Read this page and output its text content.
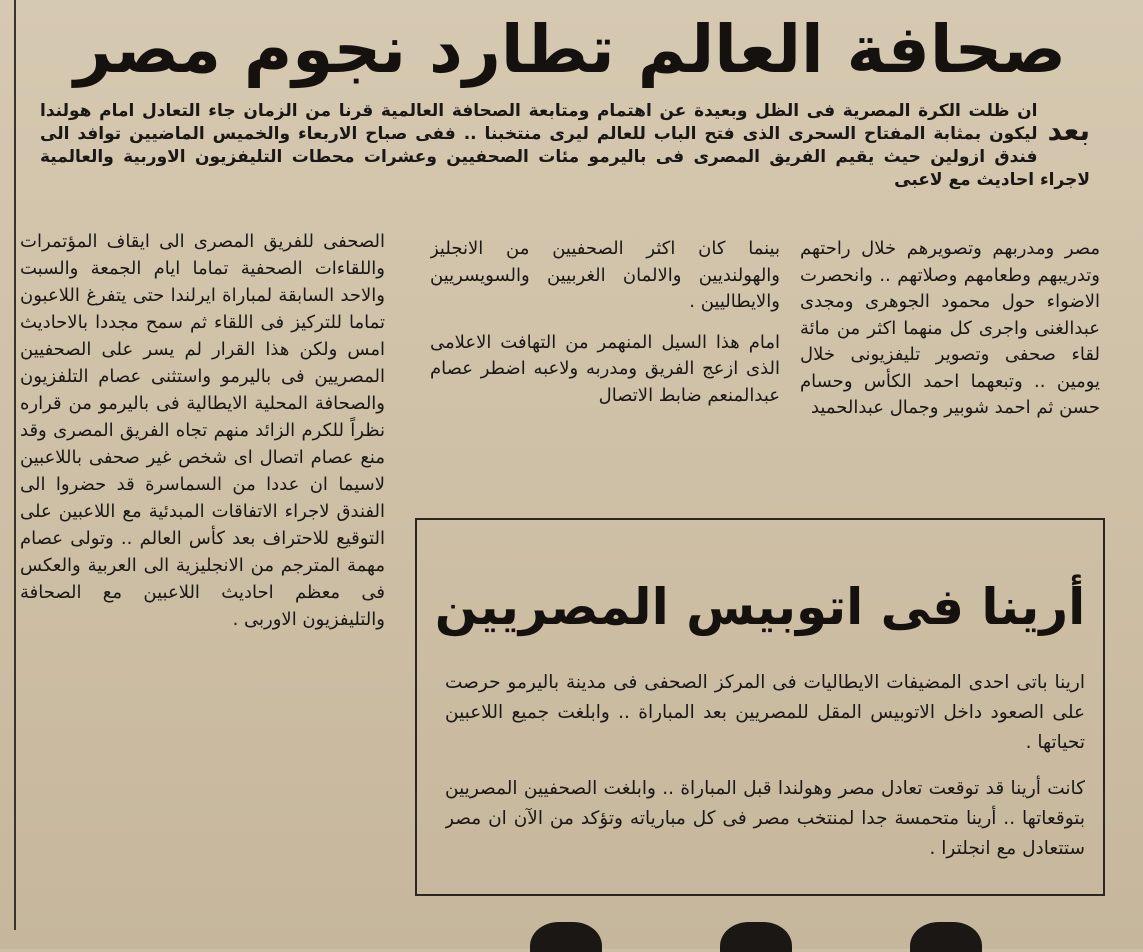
صحافة العالم تطارد نجوم مصر
بعد
ان ظلت الكرة المصرية فى الظل وبعيدة عن اهتمام ومتابعة الصحافة العالمية قرنا من الزمان جاء التعادل امام هولندا ليكون بمثابة المفتاح السحرى الذى فتح الباب للعالم ليرى منتخبنا .. ففى صباح الاربعاء والخميس الماضيين توافد الى فندق ازولين حيث يقيم الفريق المصرى فى باليرمو مئات الصحفيين وعشرات محطات التليفزيون الاوربية والعالمية لاجراء احاديث مع لاعبى

مصر ومدربهم وتصويرهم خلال راحتهم وتدريبهم وطعامهم وصلاتهم .. وانحصرت الاضواء حول محمود الجوهرى ومجدى عبدالغنى واجرى كل منهما اكثر من مائة لقاء صحفى وتصوير تليفزيونى خلال يومين .. وتبعهما احمد الكأس وحسام حسن ثم احمد شوبير وجمال عبدالحميد

بينما كان اكثر الصحفيين من الانجليز والهولنديين والالمان الغربيين والسويسريين والايطاليين .

امام هذا السيل المنهمر من التهافت الاعلامى الذى ازعج الفريق ومدربه ولاعبه اضطر عصام عبدالمنعم ضابط الاتصال

الصحفى للفريق المصرى الى ايقاف المؤتمرات واللقاءات الصحفية تماما ايام الجمعة والسبت والاحد السابقة لمباراة ايرلندا حتى يتفرغ اللاعبون تماما للتركيز فى اللقاء ثم سمح مجددا بالاحاديث امس ولكن هذا القرار لم يسر على الصحفيين المصريين فى باليرمو واستثنى عصام التلفزيون والصحافة المحلية الايطالية فى باليرمو من قراره نظراً للكرم الزائد منهم تجاه الفريق المصرى وقد منع عصام اتصال اى شخص غير صحفى باللاعبين لاسيما ان عددا من السماسرة قد حضروا الى الفندق لاجراء الاتفاقات المبدئية مع اللاعبين على التوقيع للاحتراف بعد كأس العالم .. وتولى عصام مهمة المترجم من الانجليزية الى العربية والعكس فى معظم احاديث اللاعبين مع الصحافة والتليفزيون الاوربى . أرينا فى اتوبيس المصريين
ارينا باتى احدى المضيفات الايطاليات فى المركز الصحفى فى مدينة باليرمو حرصت على الصعود داخل الاتوبيس المقل للمصريين بعد المباراة .. وابلغت جميع اللاعبين تحياتها .
كانت أرينا قد توقعت تعادل مصر وهولندا قبل المباراة .. وابلغت الصحفيين المصريين بتوقعاتها .. أرينا متحمسة جدا لمنتخب مصر فى كل مبارياته وتؤكد من الآن ان مصر ستتعادل مع انجلترا .
